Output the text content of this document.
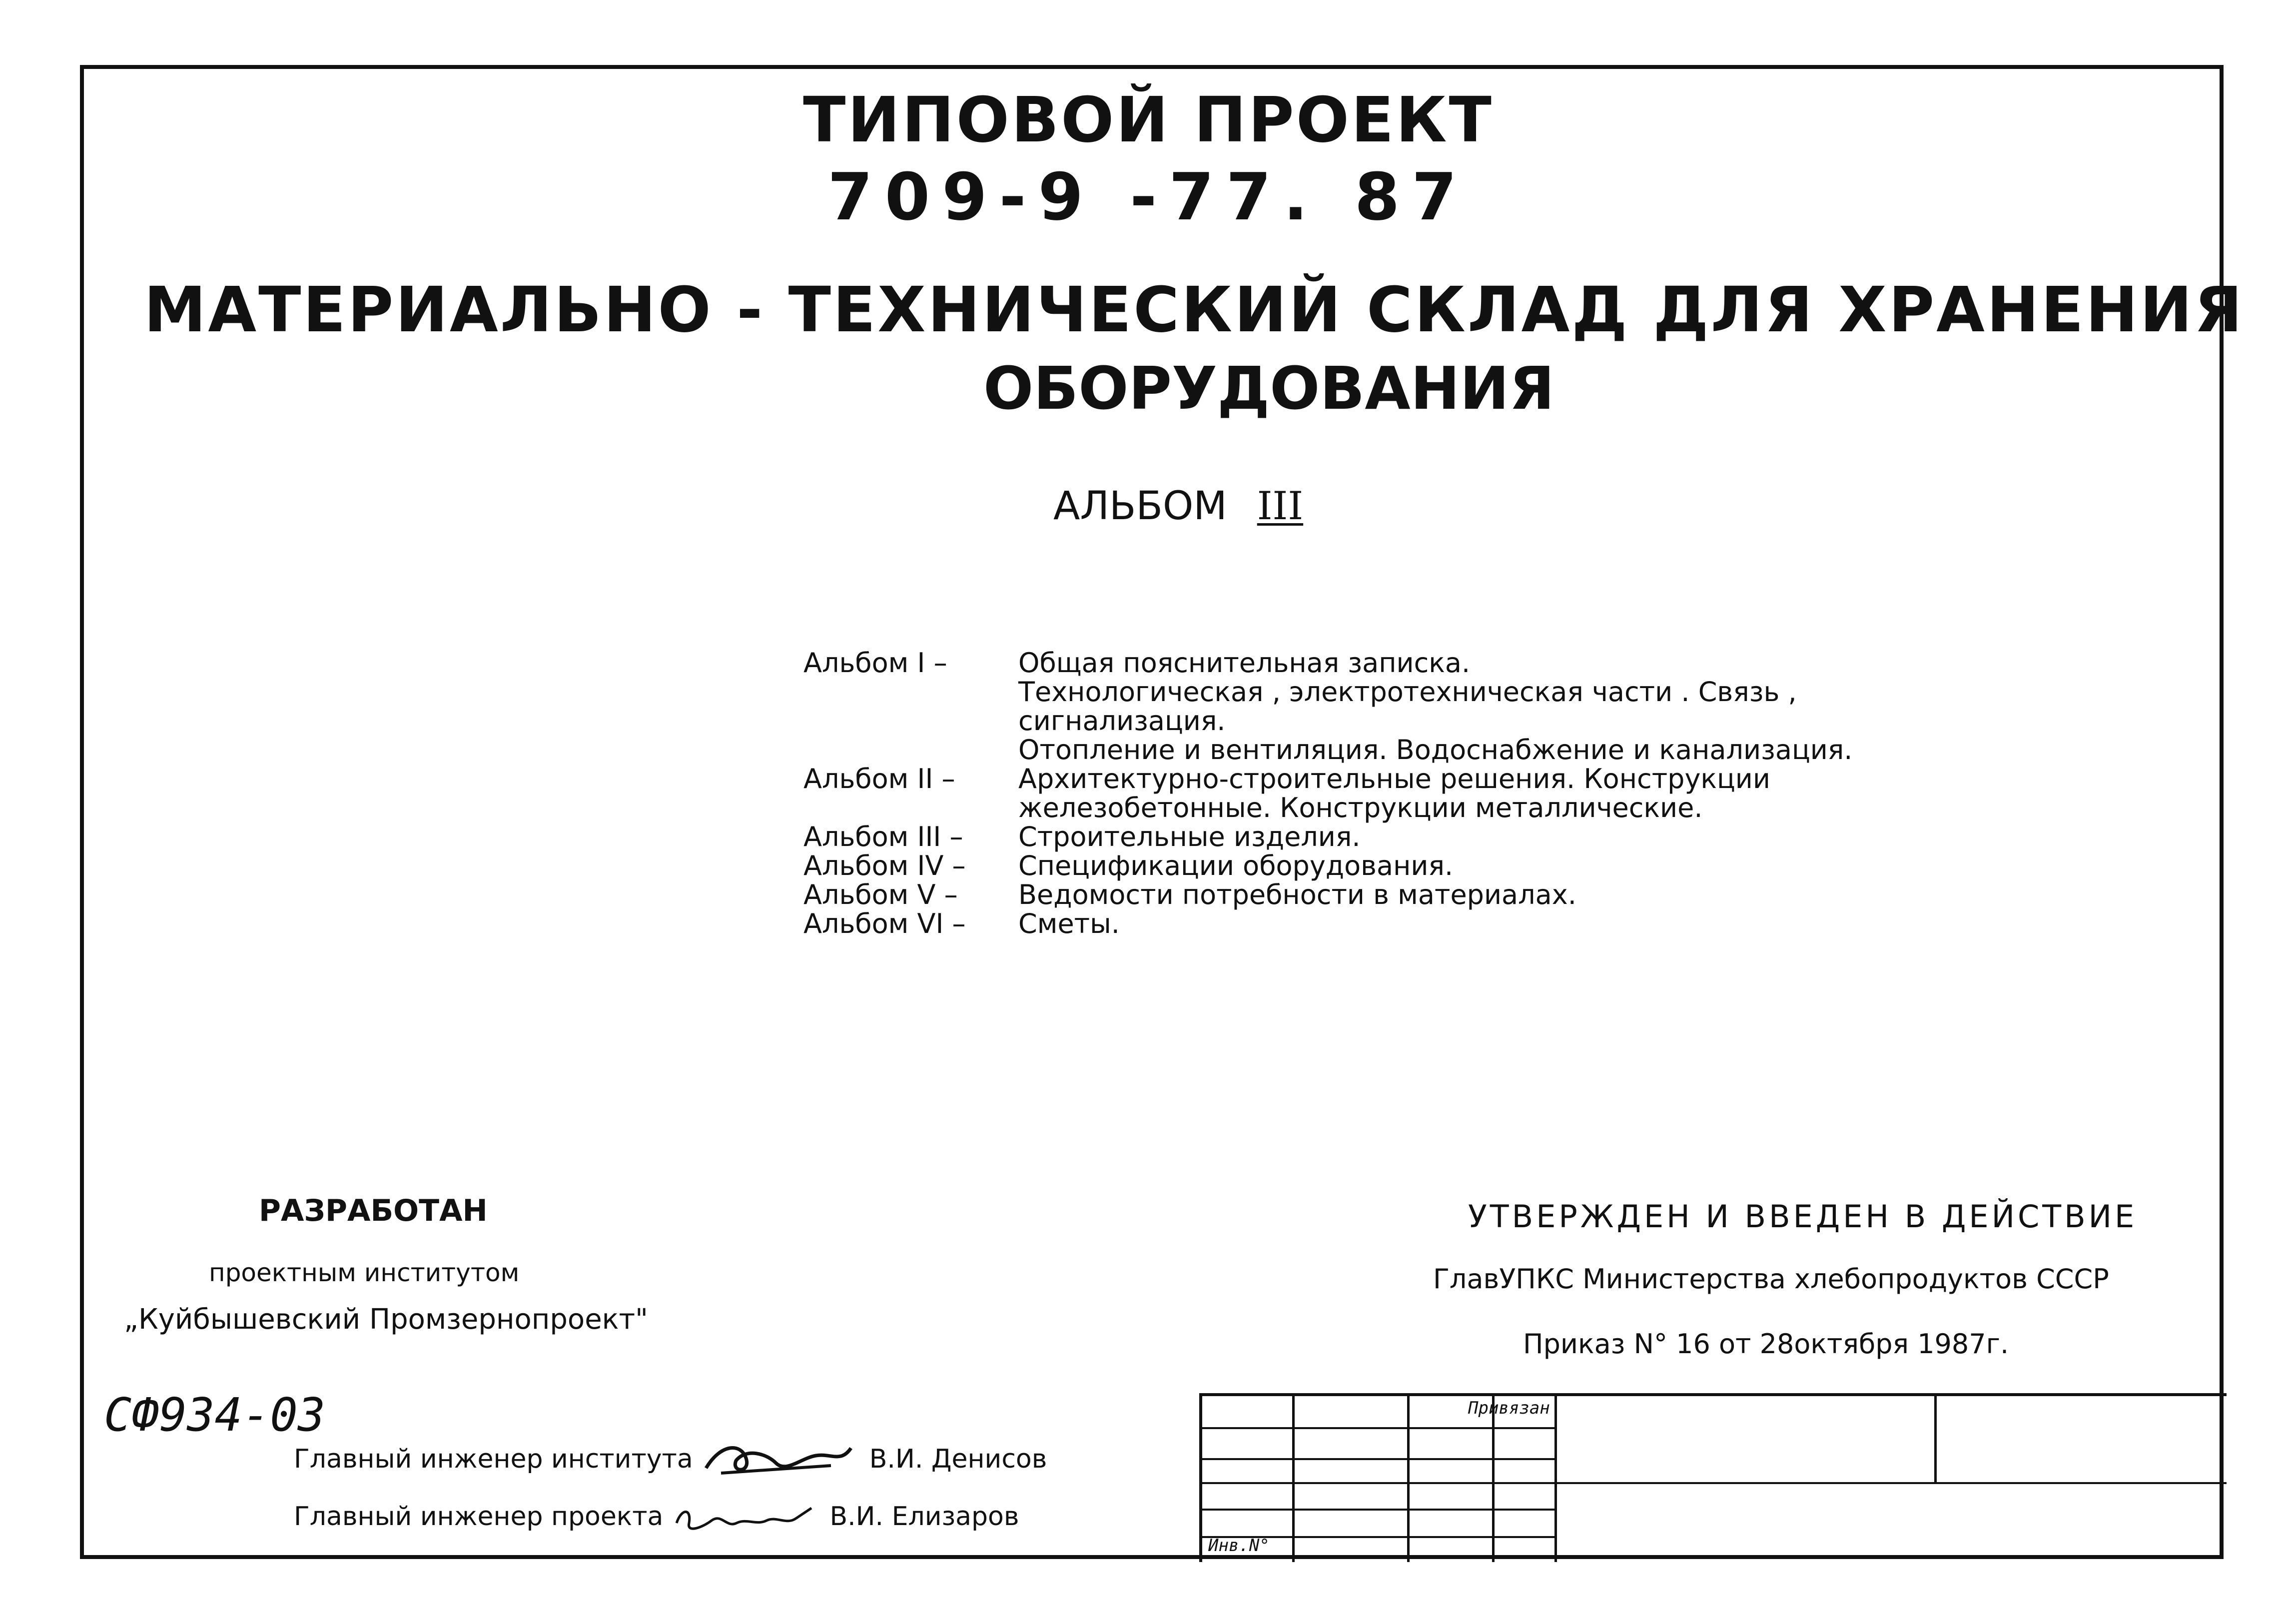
ТИПОВОЙ ПРОЕКТ
709-9 -77. 87
МАТЕРИАЛЬНО - ТЕХНИЧЕСКИЙ СКЛАД ДЛЯ ХРАНЕНИЯ
ОБОРУДОВАНИЯ
АЛЬБОМ III
Альбом I –	Общая пояснительная записка.
Технологическая , электротехническая части . Связь ,
сигнализация.
Отопление и вентиляция. Водоснабжение и канализация.
Альбом II –	Архитектурно-строительные решения. Конструкции
железобетонные. Конструкции металлические.
Альбом III –	Строительные изделия.
Альбом IV –	Спецификации оборудования.
Альбом V –	Ведомости потребности в материалах.
Альбом VI –	Сметы.
РАЗРАБОТАН
проектным институтом
„Куйбышевский Промзернопроект"
УТВЕРЖДЕН И ВВЕДЕН В ДЕЙСТВИЕ
ГлавУПКС Министерства хлебопродуктов СССР
Приказ N° 16 от 28октября 1987г.
СФ934-03
Главный инженер института	В.И. Денисов
Главный инженер проекта	В.И. Елизаров
Привязан
Инв.N°
